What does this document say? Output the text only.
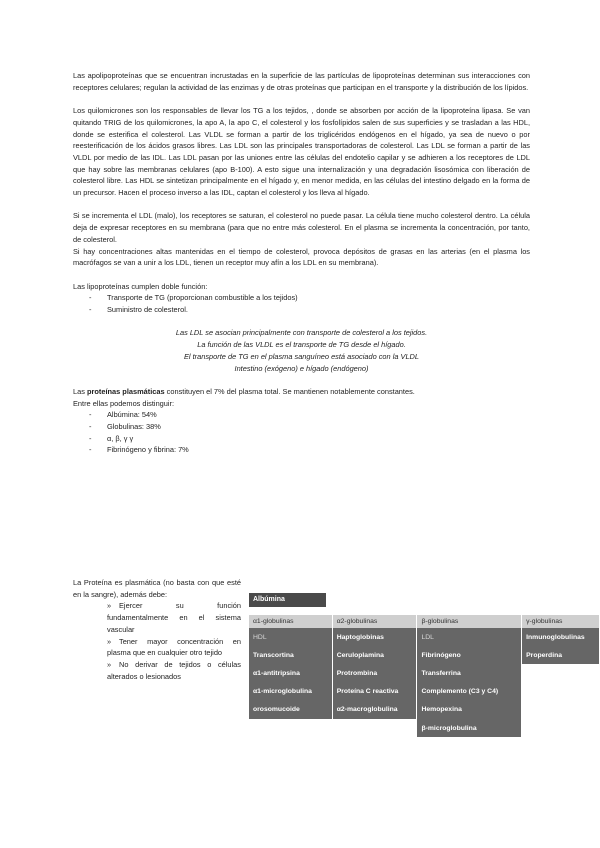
Las apolipoproteínas que se encuentran incrustadas en la superficie de las partículas de lipoproteínas determinan sus interacciones con receptores celulares; regulan la actividad de las enzimas y de otras proteínas que participan en el transporte y la distribución de los lípidos.

Los quilomicrones son los responsables de llevar los TG a los tejidos, , donde se absorben por acción de la lipoproteína lipasa. Se van quitando TRIG de los quilomicrones, la apo A, la apo C, el colesterol y los fosfolípidos salen de sus superficies y se trasladan a las HDL, donde se esterifica el colesterol. Las VLDL se forman a partir de los triglicéridos endógenos en el hígado, ya sea de nuevo o por reesterificación de los ácidos grasos libres. Las LDL son las principales transportadoras de colesterol. Las LDL se forman a partir de las VLDL por medio de las IDL. Las LDL pasan por las uniones entre las células del endotelio capilar y se adhieren a los receptores de LDL que hay sobre las membranas celulares (apo B-100). A esto sigue una internalización y una degradación lisosómica con liberación de colesterol libre. Las HDL se sintetizan principalmente en el hígado y, en menor medida, en las células del intestino delgado en la forma de un precursor. Hacen el proceso inverso a las IDL, captan el colesterol y los lleva al hígado.

Si se incrementa el LDL (malo), los receptores se saturan, el colesterol no puede pasar. La célula tiene mucho colesterol dentro. La célula deja de expresar receptores en su membrana (para que no entre más colesterol. En el plasma se incrementa la concentración, por tanto, de colesterol.

Si hay concentraciones altas mantenidas en el tiempo de colesterol, provoca depósitos de grasas en las arterias (en el plasma los macrófagos se van a unir a los LDL, tienen un receptor muy afín a los LDL en su membrana).

Las lipoproteínas cumplen doble función:

- Transporte de TG (proporcionan combustible a los tejidos)
- Suministro de colesterol.

Las LDL se asocian principalmente con transporte de colesterol a los tejidos.

La función de las VLDL es el transporte de TG desde el hígado.

El transporte de TG en el plasma sanguíneo está asociado con la VLDL

Intestino (exógeno) e hígado (endógeno)

Las proteínas plasmáticas constituyen el 7% del plasma total. Se mantienen notablemente constantes.

Entre ellas podemos distinguir:

- Albúmina: 54%
- Globulinas: 38%
- α, β, γ γ
- Fibrinógeno y fibrina: 7%

La Proteína es plasmática (no basta con que esté en la sangre), además debe:

» Ejercer su función fundamentalmente en el sistema vascular
» Tener mayor concentración en plasma que en cualquier otro tejido
» No derivar de tejidos o células alterados o lesionados
Albúmina
α1-globulinas	α2-globulinas	β-globulinas	γ-globulinas
HDL	Haptoglobinas	LDL	Inmunoglobulinas
Transcortina	Ceruloplamina	Fibrinógeno	Properdina
α1-antitripsina	Protrombina	Transferrina	
α1-microglobulina	Proteína C reactiva	Complemento (C3 y C4)	
orosomucoide	α2-macroglobulina	Hemopexina	
		β-microglobulina	
